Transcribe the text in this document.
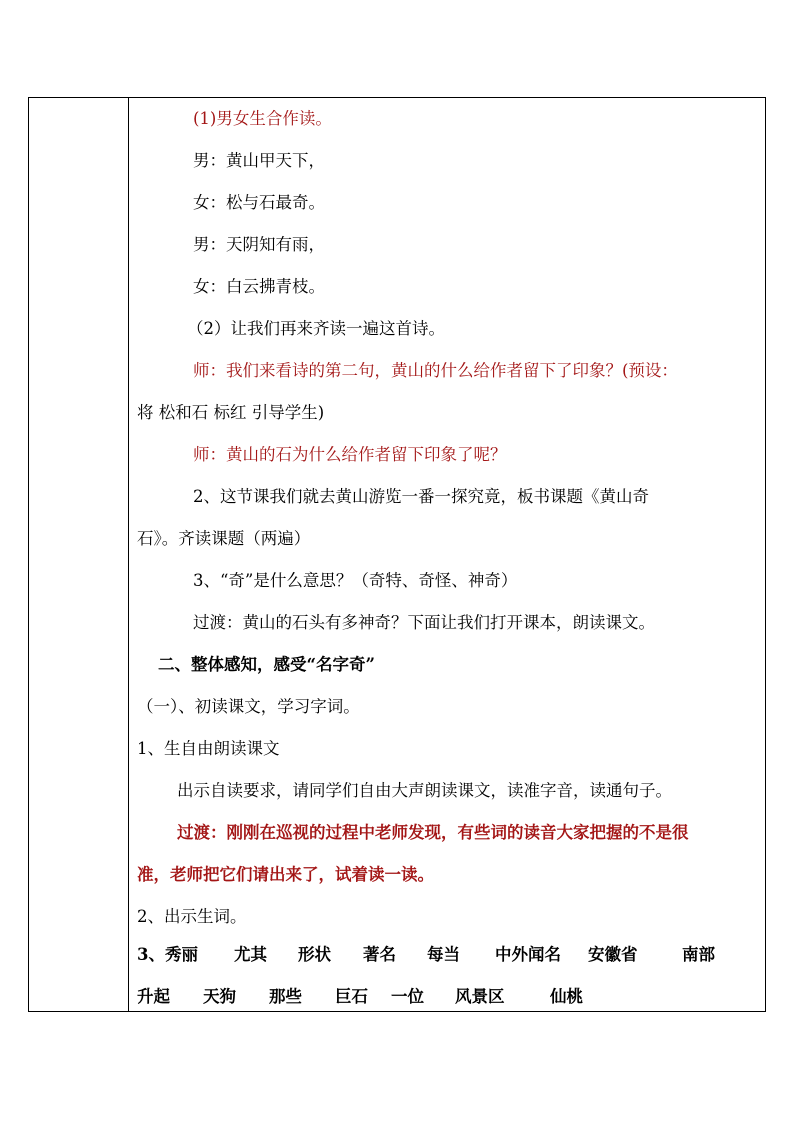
(1)男女生合作读。
男：黄山甲天下，
女：松与石最奇。
男：天阴知有雨，
女：白云拂青枝。
（2）让我们再来齐读一遍这首诗。
师：我们来看诗的第二句，黄山的什么给作者留下了印象？(预设：
将 松和石 标红 引导学生)
师：黄山的石为什么给作者留下印象了呢？
2、这节课我们就去黄山游览一番一探究竟，板书课题《黄山奇
石》。齐读课题（两遍）
3、“奇”是什么意思？（奇特、奇怪、神奇）
过渡：黄山的石头有多神奇？下面让我们打开课本，朗读课文。
二、整体感知，感受“名字奇”
（一）、初读课文，学习字词。
1、生自由朗读课文
出示自读要求，请同学们自由大声朗读课文，读准字音，读通句子。
过渡：刚刚在巡视的过程中老师发现，有些词的读音大家把握的不是很
准，老师把它们请出来了，试着读一读。
2、出示生词。
3、秀丽 尤其 形状 著名 每当 中外闻名 安徽省	南部
升起 天狗 那些 巨石 一位 风景区	仙桃
